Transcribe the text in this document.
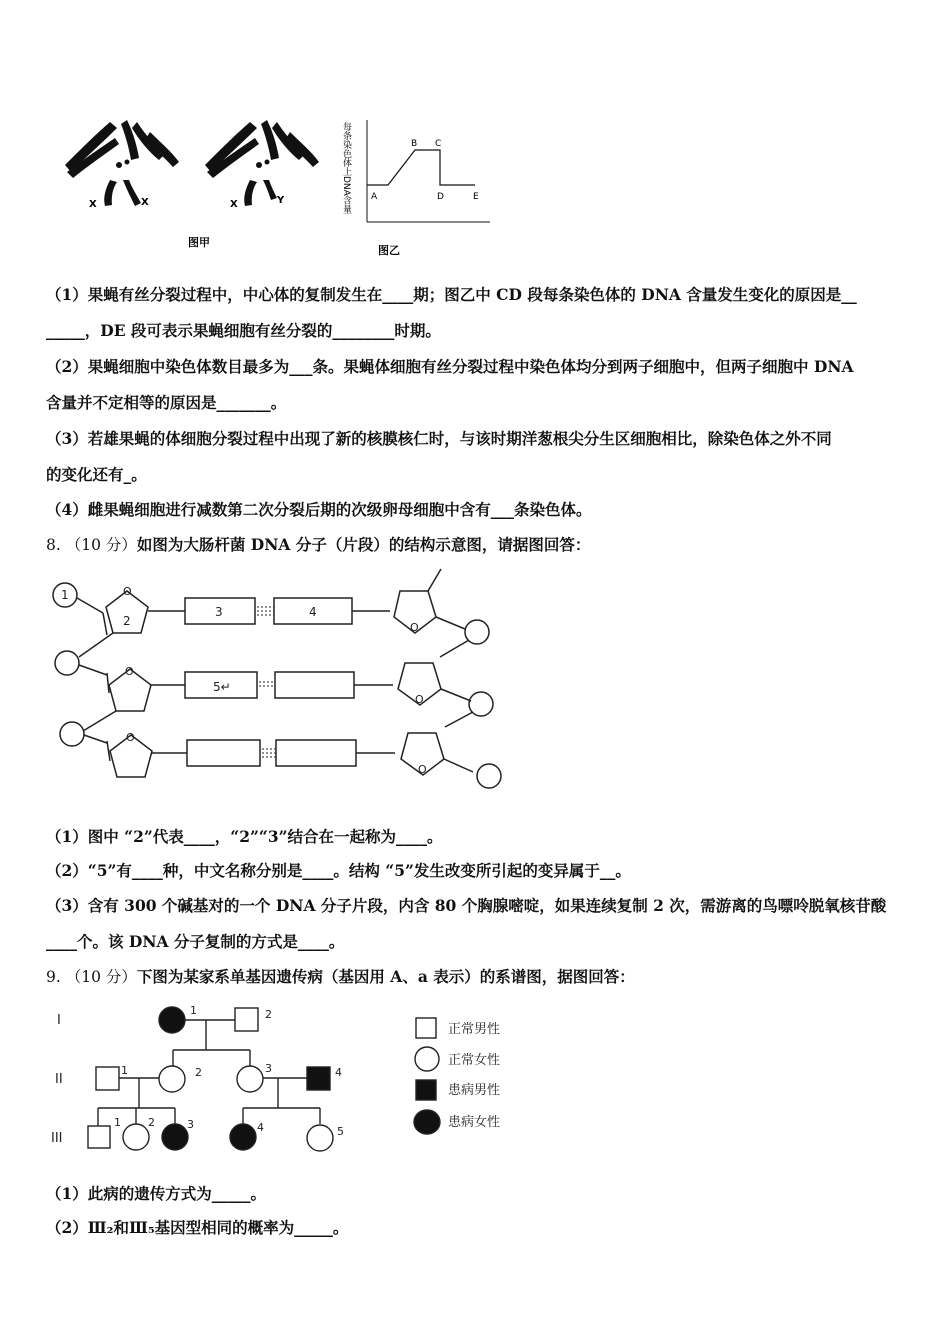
X	X	X	Y
图甲
每条染色体上DNA含量 A
B C
D	E
图乙
（1）果蝇有丝分裂过程中，中心体的复制发生在____期；图乙中 CD 段每条染色体的 DNA 含量发生变化的原因是__
_____，DE 段可表示果蝇细胞有丝分裂的________时期。
（2）果蝇细胞中染色体数目最多为___条。果蝇体细胞有丝分裂过程中染色体均分到两子细胞中，但两子细胞中 DNA
含量并不定相等的原因是_______。
（3）若雄果蝇的体细胞分裂过程中出现了新的核膜核仁时，与该时期洋葱根尖分生区细胞相比，除染色体之外不同
的变化还有_。
（4）雌果蝇细胞进行减数第二次分裂后期的次级卵母细胞中含有___条染色体。
8. （10 分）如图为大肠杆菌 DNA 分子（片段）的结构示意图，请据图回答：
1
2
3	4
5↵
O
O
O
O
O
O
（1）图中 “2”代表____，“2”“3”结合在一起称为____。
（2）“5”有____种，中文名称分别是____。结构 “5”发生改变所引起的变异属于__。
（3）含有 300 个碱基对的一个 DNA 分子片段，内含 80 个胸腺嘧啶，如果连续复制 2 次，需游离的鸟嘌呤脱氧核苷酸
____个。该 DNA 分子复制的方式是____。
9. （10 分）下图为某家系单基因遗传病（基因用 A、a 表示）的系谱图，据图回答：
I
II
III
1	2
1	2	3	4
1 2	3	4	5
正常男性
正常女性
患病男性
患病女性
（1）此病的遗传方式为_____。
（2）Ⅲ₂和Ⅲ₅基因型相同的概率为_____。
